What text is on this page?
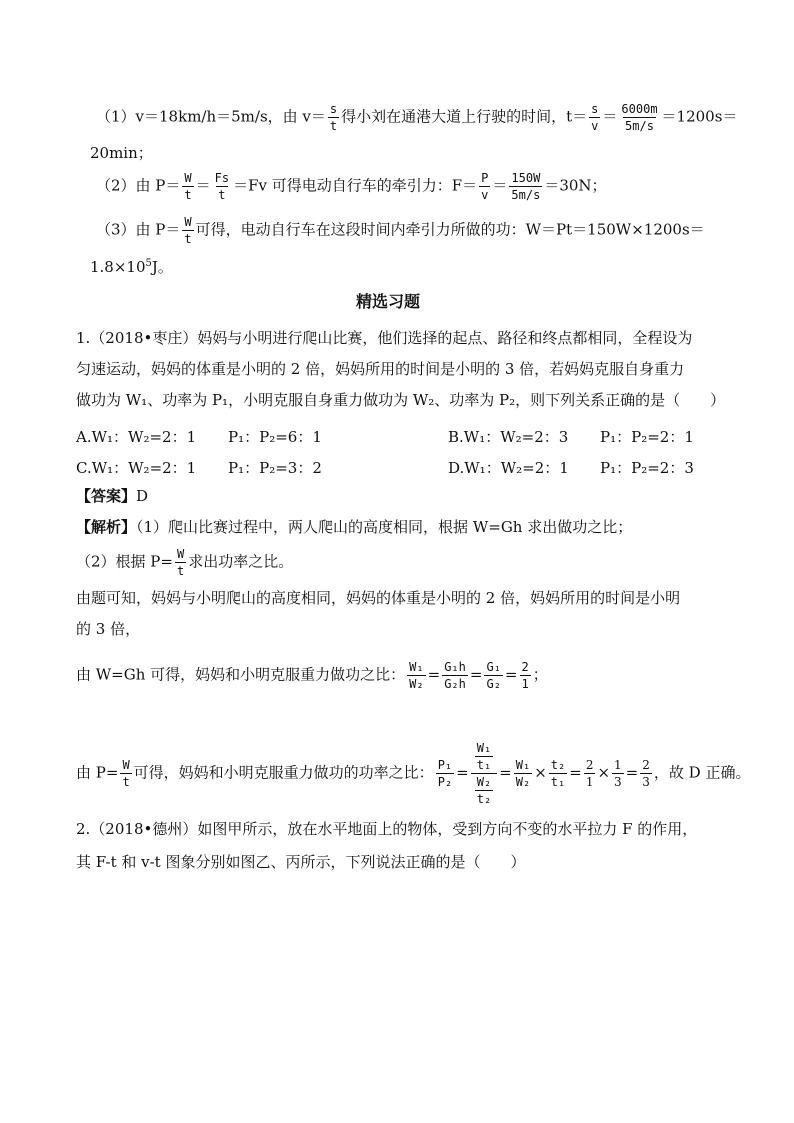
（1）v＝18km/h＝5m/s，由 $v= \frac{s}{t}$ 得小刘在通港大道上行驶的时间，$t= \frac{s}{v} = \frac{6000m}{5m/s} =1200s=$
20min；
（2）由 $P= \frac{W}{t} = \frac{Fs}{t} =Fv$ 可得电动自行车的牵引力：$F= \frac{P}{v} = \frac{150W}{5m/s} =30N$；
（3）由 $P= \frac{W}{t}$ 可得，电动自行车在这段时间内牵引力所做的功：W＝Pt＝150W×1200s＝
$1.8\times 10^5J$。
精选习题
1.（2018•枣庄）妈妈与小明进行爬山比赛，他们选择的起点、路径和终点都相同，全程设为
匀速运动，妈妈的体重是小明的 2 倍，妈妈所用的时间是小明的 3 倍，若妈妈克服自身重力
做功为 W₁、功率为 P₁，小明克服自身重力做功为 W₂、功率为 P₂，则下列关系正确的是（　　）
A.W₁：W₂=2：1 P₁：P₂=6：1	B.W₁：W₂=2：3 P₁：P₂=2：1
C.W₁：W₂=2：1 P₁：P₂=3：2	D.W₁：W₂=2：1 P₁：P₂=2：3
【答案】D
【解析】（1）爬山比赛过程中，两人爬山的高度相同，根据 W=Gh 求出做功之比；
（2）根据 $P= \frac{W}{t}$ 求出功率之比。
由题可知，妈妈与小明爬山的高度相同，妈妈的体重是小明的 2 倍，妈妈所用的时间是小明
的 3 倍，
由 W=Gh 可得，妈妈和小明克服重力做功之比： $\frac{\text{W₁}}{\text{W₂}} = \frac{\text{G₁h}}{\text{G₂h}} = \frac{\text{G₁}}{\text{G₂}} = \frac{2}{1}$ ；
由 $P= \frac{W}{t}$ 可得，妈妈和小明克服重力做功的功率之比： $\frac{\text{P₁}}{\text{P₂}} = \frac{\frac{\text{W₁}}{\text{t₁}}}{\frac{\text{W₂}}{\text{t₂}}} = \frac{\text{W₁}}{\text{W₂}} \times \frac{\text{t₂}}{\text{t₁}} = \frac{2}{1} \times \frac{1}{3} = \frac{2}{3}$ ，故 D 正确。
2.（2018•德州）如图甲所示，放在水平地面上的物体，受到方向不变的水平拉力 F 的作用，
其 F-t 和 v-t 图象分别如图乙、丙所示，下列说法正确的是（　　）
